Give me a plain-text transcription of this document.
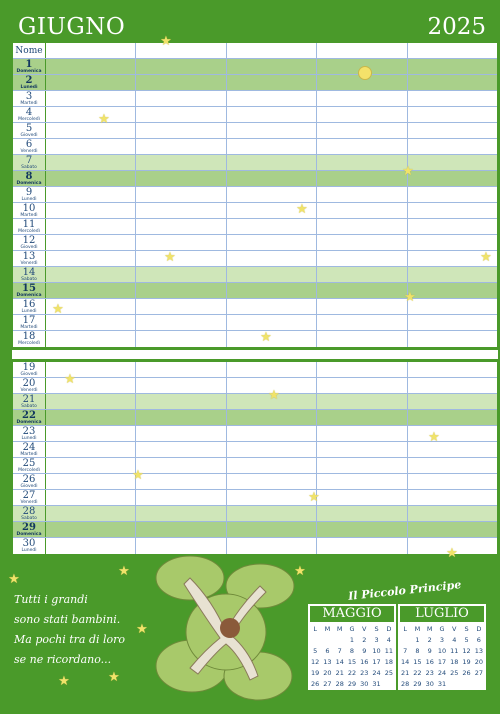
GIUGNO	2025
Nome
1
Domenica
2
Lunedì
3
Martedì
4
Mercoledì
5
Giovedì
6
Venerdì
7
Sabato
8
Domenica
9
Lunedì
10
Martedì
11
Mercoledì
12
Giovedì
13
Venerdì
14
Sabato
15
Domenica
16
Lunedì
17
Martedì
18
Mercoledì
19
Giovedì
20
Venerdì
21
Sabato
22
Domenica
23
Lunedì
24
Martedì
25
Mercoledì
26
Giovedì
27
Venerdì
28
Sabato
29
Domenica
30
Lunedì
★
★
★
★
★	★
★
★
★
★
★
★
★
★
★
★
★	★
★
★
★
Tutti i grandi
sono stati bambini.
Ma pochi tra di loro
se ne ricordano...
Il Piccolo Principe
MAGGIO
L	M	M	G	V	S	D
			1	2	3	4
5	6	7	8	9	10	11
12	13	14	15	16	17	18
19	20	21	22	23	24	25
26	27	28	29	30	31	
LUGLIO
L	M	M	G	V	S	D
	1	2	3	4	5	6
7	8	9	10	11	12	13
14	15	16	17	18	19	20
21	22	23	24	25	26	27
28	29	30	31			
